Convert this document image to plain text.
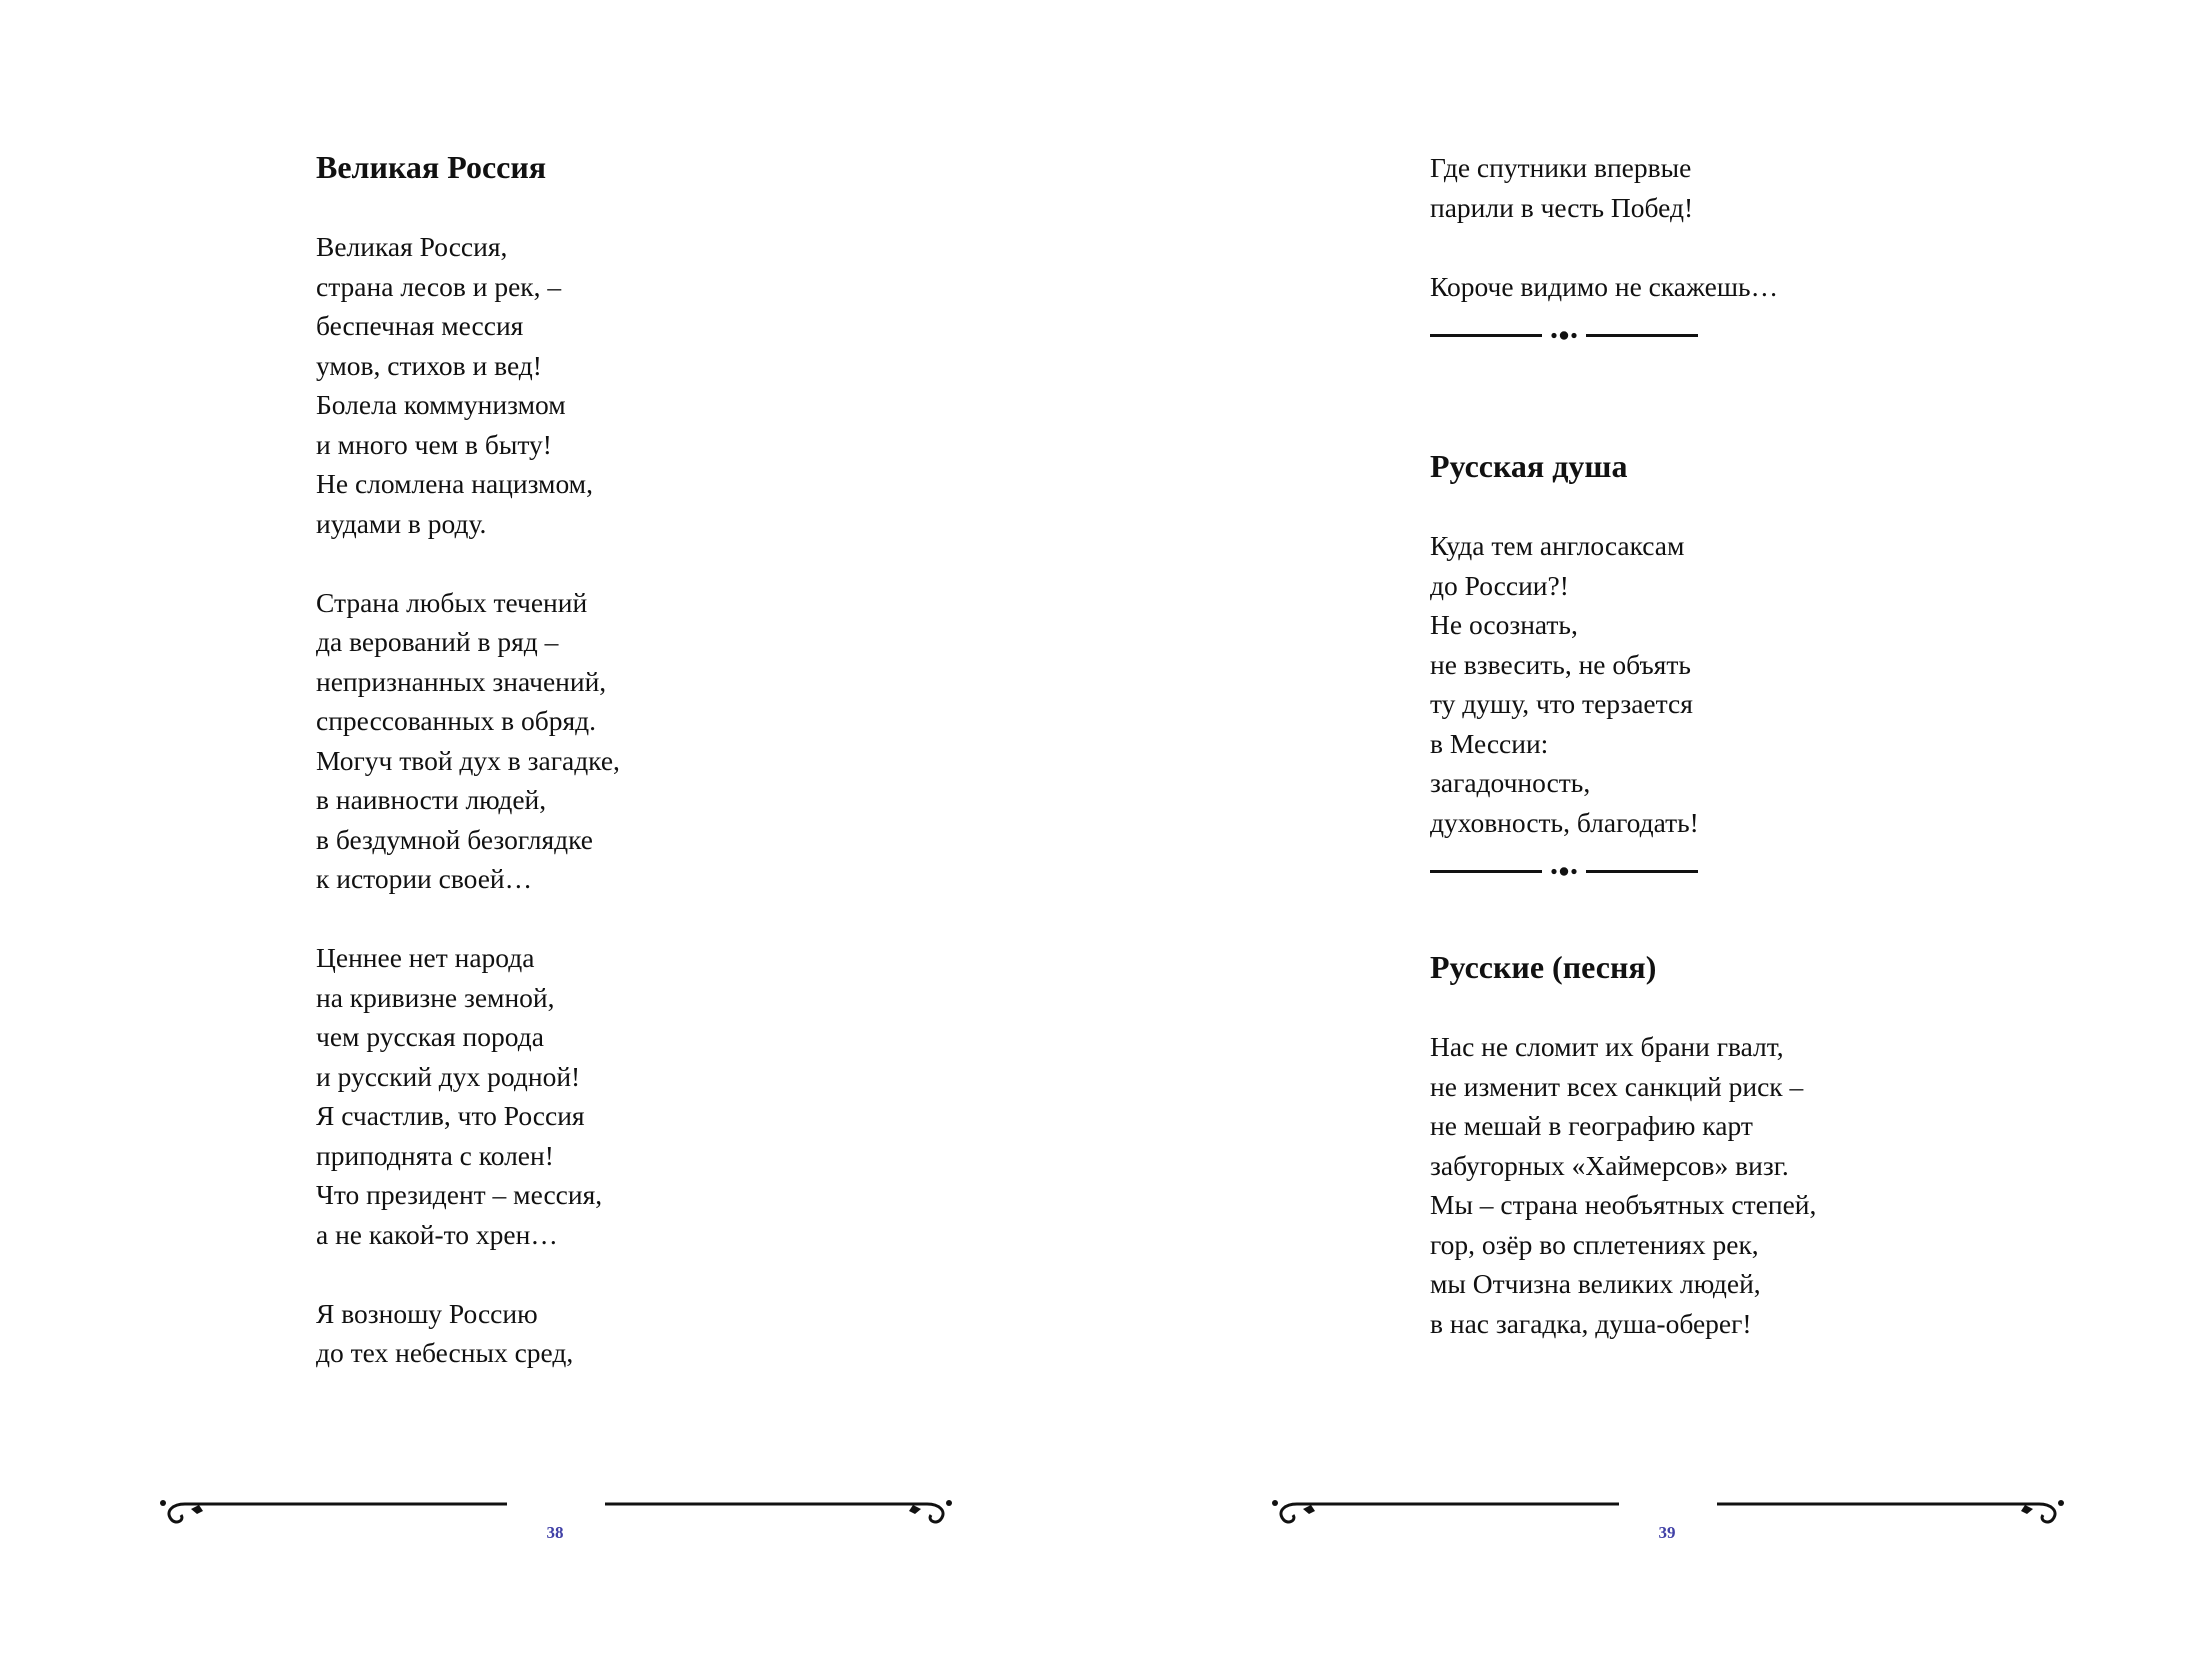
Великая Россия
Великая Россия,
страна лесов и рек, –
беспечная мессия
умов, стихов и вед!
Болела коммунизмом
и много чем в быту!
Не сломлена нацизмом,
иудами в роду.
Страна любых течений
да верований в ряд –
непризнанных значений,
спрессованных в обряд.
Могуч твой дух в загадке,
в наивности людей,
в бездумной безоглядке
к истории своей…
Ценнее нет народа
на кривизне земной,
чем русская порода
и русский дух родной!
Я счастлив, что Россия
приподнята с колен!
Что президент – мессия,
а не какой-то хрен…
Я возношу Россию
до тех небесных сред,
38
Где спутники впервые
парили в честь Побед!
Короче видимо не скажешь…
Русская душа
Куда тем англосаксам
до России?!
Не осознать,
не взвесить, не объять
ту душу, что терзается
в Мессии:
загадочность,
духовность, благодать!
Русские (песня)
Нас не сломит их брани гвалт,
не изменит всех санкций риск –
не мешай в географию карт
забугорных «Хаймерсов» визг.
Мы – страна необъятных степей,
гор, озёр во сплетениях рек,
мы Отчизна великих людей,
в нас загадка, душа-оберег!
39
